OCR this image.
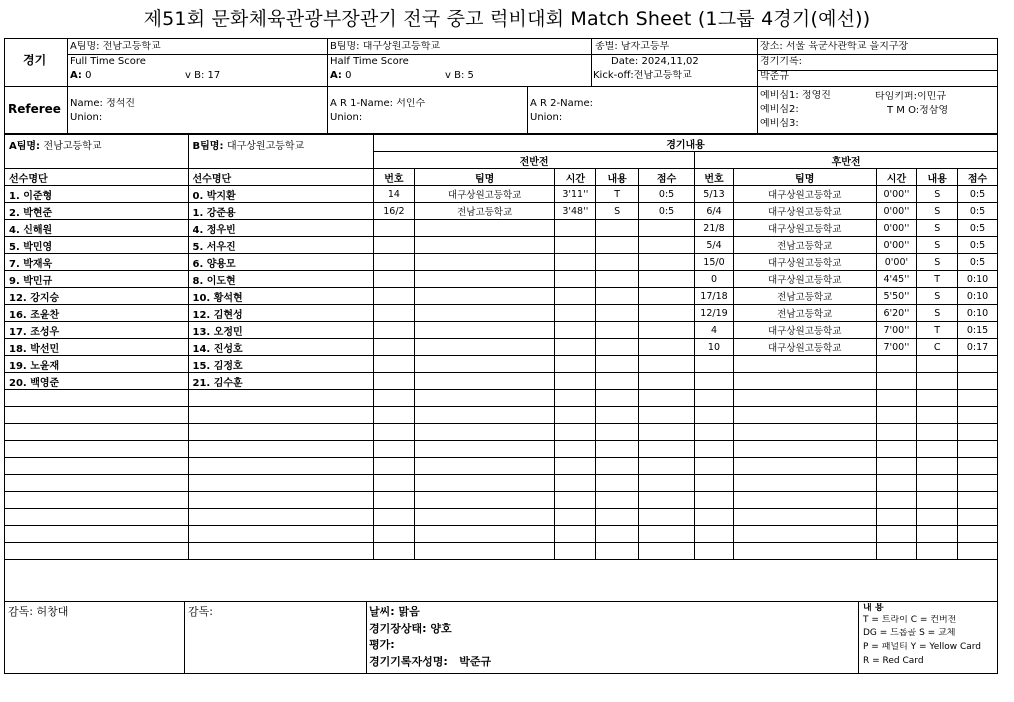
제51회 문화체육관광부장관기 전국 중고 럭비대회 Match Sheet (1그룹 4경기(예선))
경기
A팀명: 전남고등학교	B팀명: 대구상원고등학교	종별: 남자고등부	장소: 서울 육군사관학교 을지구장
Full Time Score
A: 0	v B: 17
Half Time Score
A: 0	v B: 5
Date: 2024,11,02
Kick-off:전남고등학교
경기기록:
박준규
Referee Name: 정석진
Union:
A R 1-Name: 서인수
Union:
A R 2-Name:
Union:
예비심1: 정영진
예비심2:
예비심3:
타임키퍼:이민규
T M O:정삼영
A팀명: 전남고등학교	B팀명: 대구상원고등학교	경기내용									
		전반전					후반전				
선수명단	선수명단	번호	팀명	시간	내용	점수	번호	팀명	시간	내용	점수
1. 이준형	0. 박지환	14	대구상원고등학교	3'11''	T	0:5	5/13	대구상원고등학교	0'00''	S	0:5
2. 박현준	1. 강준용	16/2	전남고등학교	3'48''	S	0:5	6/4	대구상원고등학교	0'00''	S	0:5
4. 신해원	4. 정우빈						21/8	대구상원고등학교	0'00''	S	0:5
5. 박민영	5. 서우진						5/4	전남고등학교	0'00''	S	0:5
7. 박재욱	6. 양용모						15/0	대구상원고등학교	0'00'	S	0:5
9. 박민규	8. 이도현						0	대구상원고등학교	4'45''	T	0:10
12. 강지승	10. 황석현						17/18	전남고등학교	5'50''	S	0:10
16. 조윤찬	12. 김현성						12/19	전남고등학교	6'20''	S	0:10
17. 조성우	13. 오정민						4	대구상원고등학교	7'00''	T	0:15
18. 박선민	14. 진성호						10	대구상원고등학교	7'00''	C	0:17
19. 노윤재	15. 김정호										
20. 백영준	21. 김수훈										

감독: 허창대	감독:	날씨: 맑음
경기장상태: 양호
평가:
경기기록자성명: 박준규
내 용
T = 트라이 C = 컨버전
DG = 드롭골 S = 교체
P = 패널티 Y = Yellow Card
R = Red Card
